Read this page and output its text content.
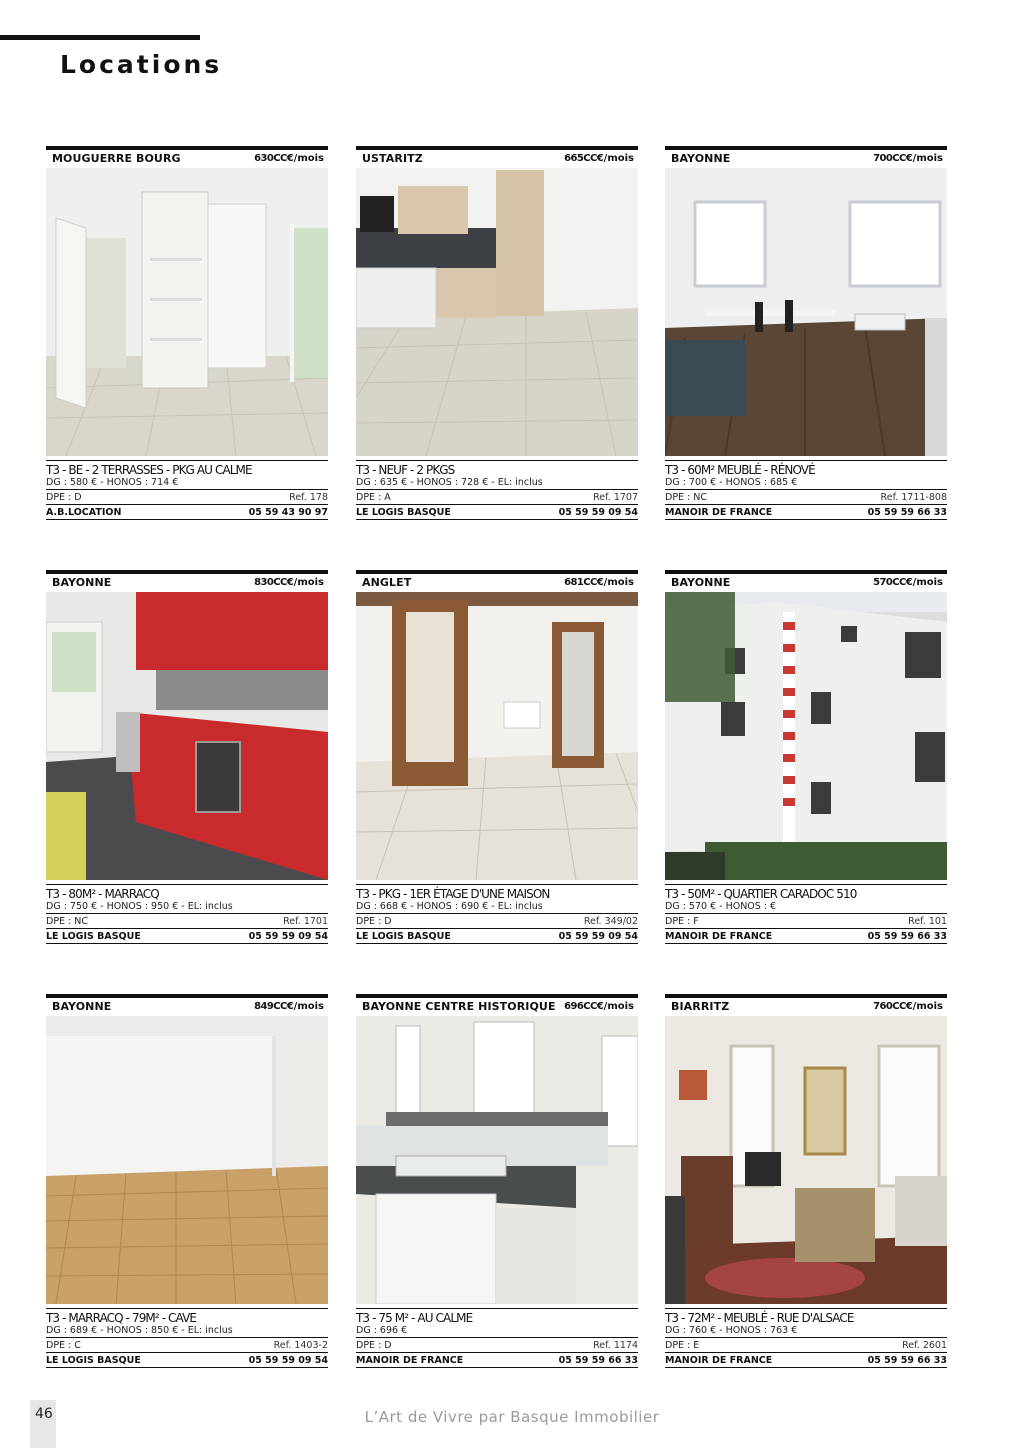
Locations
MOUGUERRE BOURG	630CC€/mois
T3 - BE - 2 TERRASSES - PKG AU CALME
DG : 580 € - HONOS : 714 €
DPE : D	Ref. 178
A.B.LOCATION	05 59 43 90 97
USTARITZ	665CC€/mois
T3 - NEUF - 2 PKGS
DG : 635 € - HONOS : 728 € - EL: inclus
DPE : A	Ref. 1707
LE LOGIS BASQUE	05 59 59 09 54
BAYONNE	700CC€/mois
T3 - 60M² MEUBLÉ - RÉNOVÉ
DG : 700 € - HONOS : 685 €
DPE : NC	Ref. 1711-808
MANOIR DE FRANCE	05 59 59 66 33
BAYONNE	830CC€/mois
T3 - 80M² - MARRACQ
DG : 750 € - HONOS : 950 € - EL: inclus
DPE : NC	Ref. 1701
LE LOGIS BASQUE	05 59 59 09 54
ANGLET	681CC€/mois
T3 - PKG - 1ER ÉTAGE D'UNE MAISON
DG : 668 € - HONOS : 690 € - EL: inclus
DPE : D	Ref. 349/02
LE LOGIS BASQUE	05 59 59 09 54
BAYONNE	570CC€/mois
T3 - 50M² - QUARTIER CARADOC 510
DG : 570 € - HONOS : €
DPE : F	Ref. 101
MANOIR DE FRANCE	05 59 59 66 33
BAYONNE	849CC€/mois
T3 - MARRACQ - 79M² - CAVE
DG : 689 € - HONOS : 850 € - EL: inclus
DPE : C	Ref. 1403-2
LE LOGIS BASQUE	05 59 59 09 54
BAYONNE CENTRE HISTORIQUE 696CC€/mois
T3 - 75 M² - AU CALME
DG : 696 €
DPE : D	Ref. 1174
MANOIR DE FRANCE	05 59 59 66 33
BIARRITZ	760CC€/mois
T3 - 72M² - MEUBLÉ - RUE D'ALSACE
DG : 760 € - HONOS : 763 €
DPE : E	Ref. 2601
MANOIR DE FRANCE	05 59 59 66 33
46	L’Art de Vivre par Basque Immobilier
